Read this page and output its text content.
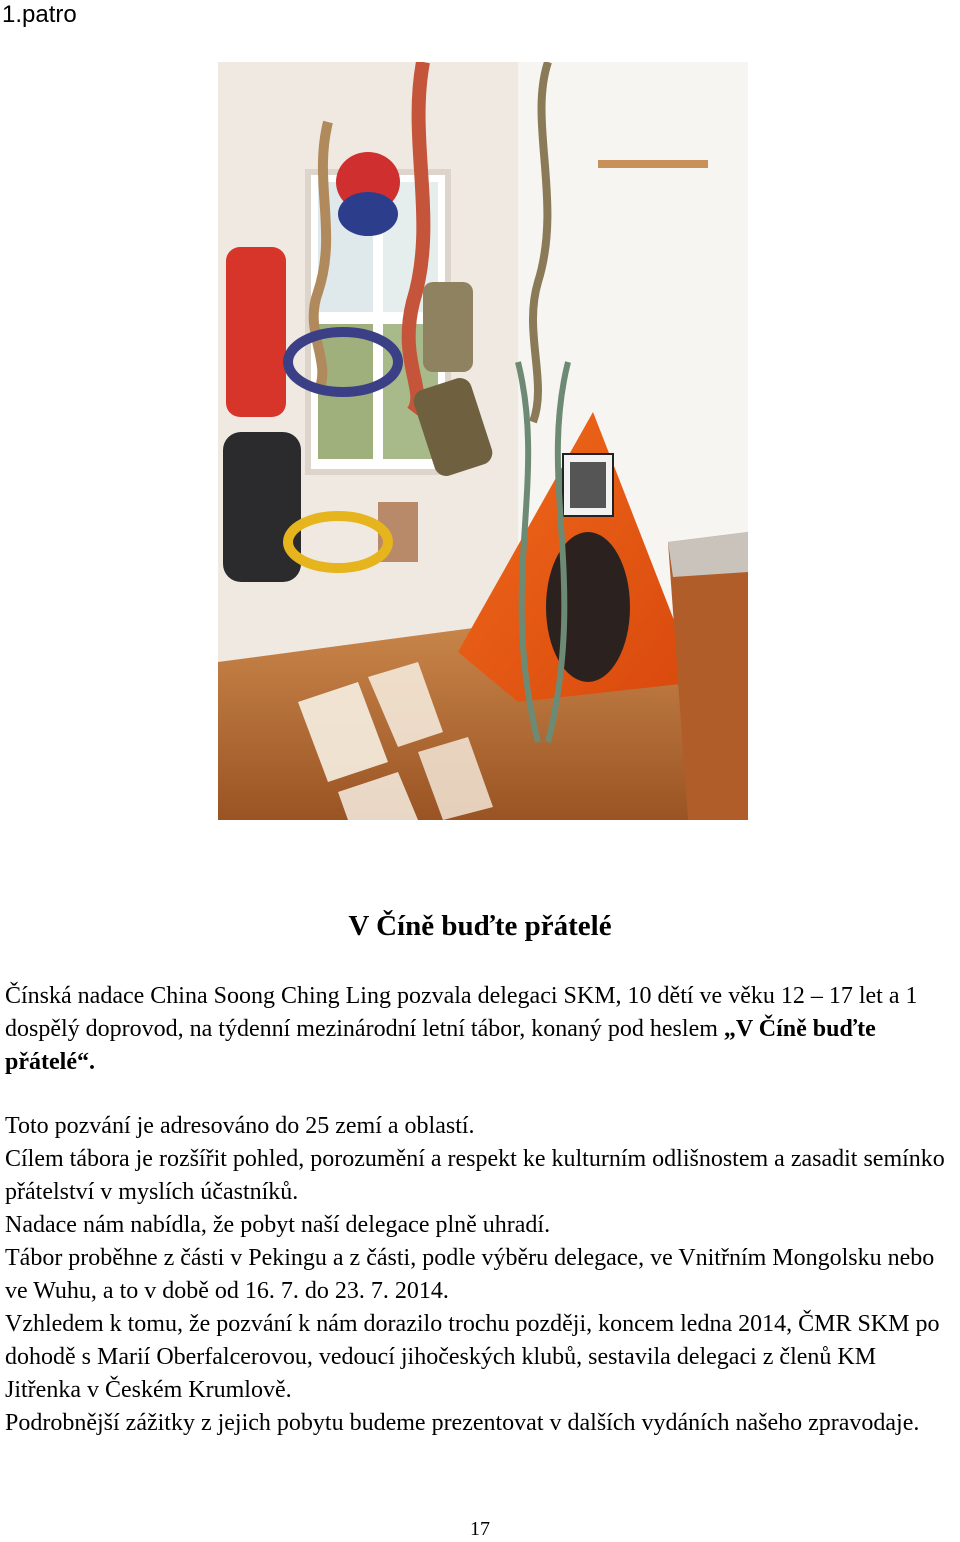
1.patro
V Číně buďte přátelé

Čínská nadace China Soong Ching Ling pozvala delegaci SKM, 10 dětí ve věku 12 – 17 let a 1 dospělý doprovod, na týdenní mezinárodní letní tábor, konaný pod heslem „V Číně buďte přátelé“.

Toto pozvání je adresováno do 25 zemí a oblastí.
Cílem tábora je rozšířit pohled, porozumění a respekt ke kulturním odlišnostem a zasadit semínko přátelství v myslích účastníků.
Nadace nám nabídla, že pobyt naší delegace plně uhradí.
Tábor proběhne z části v Pekingu a z části, podle výběru delegace, ve Vnitřním Mongolsku nebo ve Wuhu, a to v době od 16. 7. do 23. 7. 2014.
Vzhledem k tomu, že pozvání k nám dorazilo trochu později, koncem ledna 2014, ČMR SKM po dohodě s Marií Oberfalcerovou, vedoucí jihočeských klubů, sestavila delegaci z členů KM Jitřenka v Českém Krumlově.
Podrobnější zážitky z jejich pobytu budeme prezentovat v dalších vydáních našeho zpravodaje.
17
